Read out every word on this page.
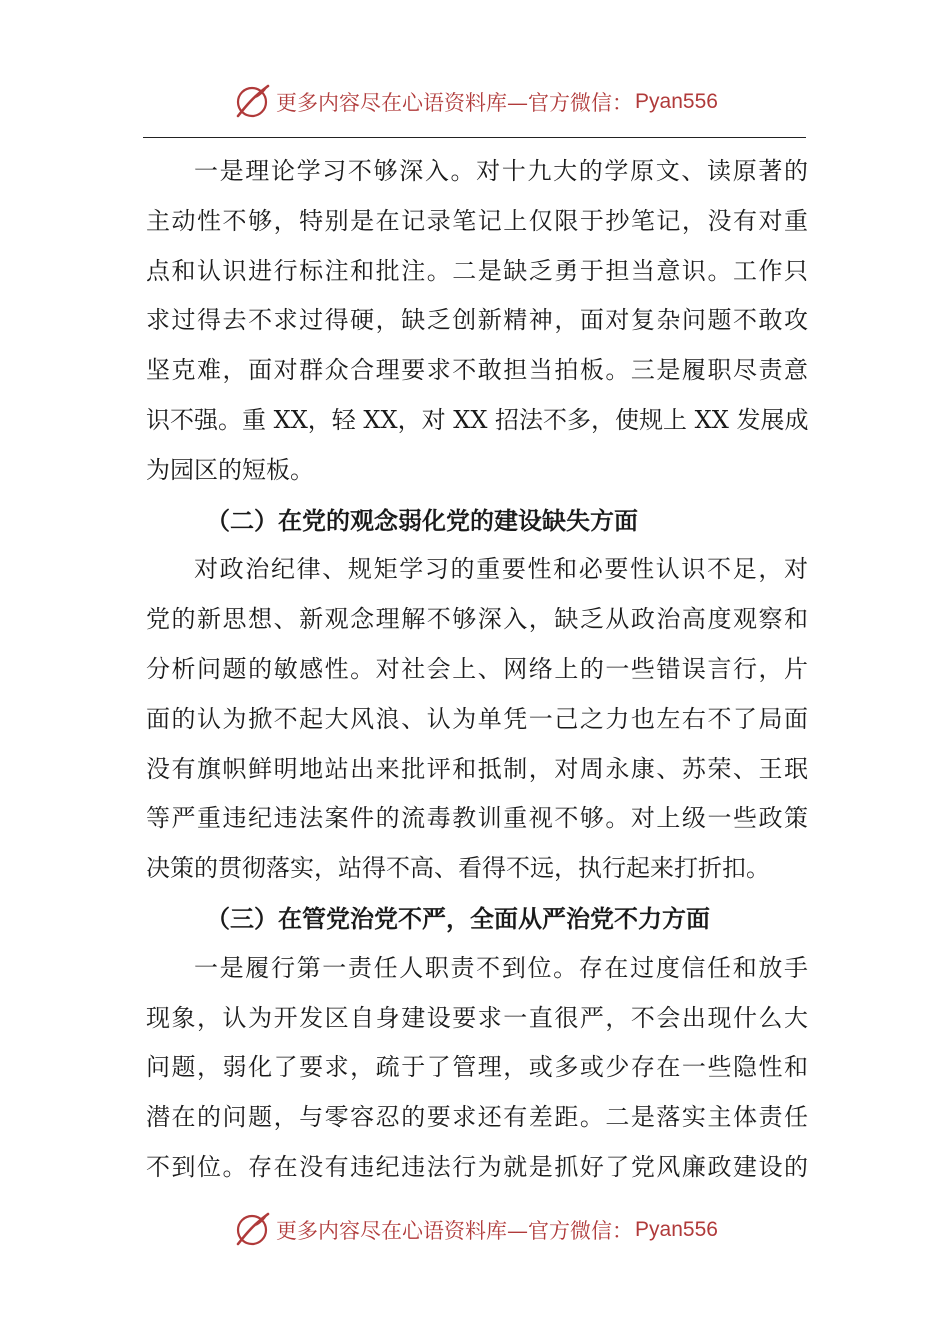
更多内容尽在心语资料库—官方微信： Pyan556
一是理论学习不够深入。对十九大的学原文、读原著的
主动性不够，特别是在记录笔记上仅限于抄笔记，没有对重
点和认识进行标注和批注。二是缺乏勇于担当意识。工作只
求过得去不求过得硬，缺乏创新精神，面对复杂问题不敢攻
坚克难，面对群众合理要求不敢担当拍板。三是履职尽责意
识不强。重 XX，轻 XX，对 XX 招法不多，使规上 XX 发展成
为园区的短板。
（二）在党的观念弱化党的建设缺失方面
对政治纪律、规矩学习的重要性和必要性认识不足，对
党的新思想、新观念理解不够深入，缺乏从政治高度观察和
分析问题的敏感性。对社会上、网络上的一些错误言行，片
面的认为掀不起大风浪、认为单凭一己之力也左右不了局面
没有旗帜鲜明地站出来批评和抵制，对周永康、苏荣、王珉
等严重违纪违法案件的流毒教训重视不够。对上级一些政策
决策的贯彻落实，站得不高、看得不远，执行起来打折扣。
（三）在管党治党不严，全面从严治党不力方面
一是履行第一责任人职责不到位。存在过度信任和放手
现象，认为开发区自身建设要求一直很严，不会出现什么大
问题，弱化了要求，疏于了管理，或多或少存在一些隐性和
潜在的问题，与零容忍的要求还有差距。二是落实主体责任
不到位。存在没有违纪违法行为就是抓好了党风廉政建设的
更多内容尽在心语资料库—官方微信： Pyan556
